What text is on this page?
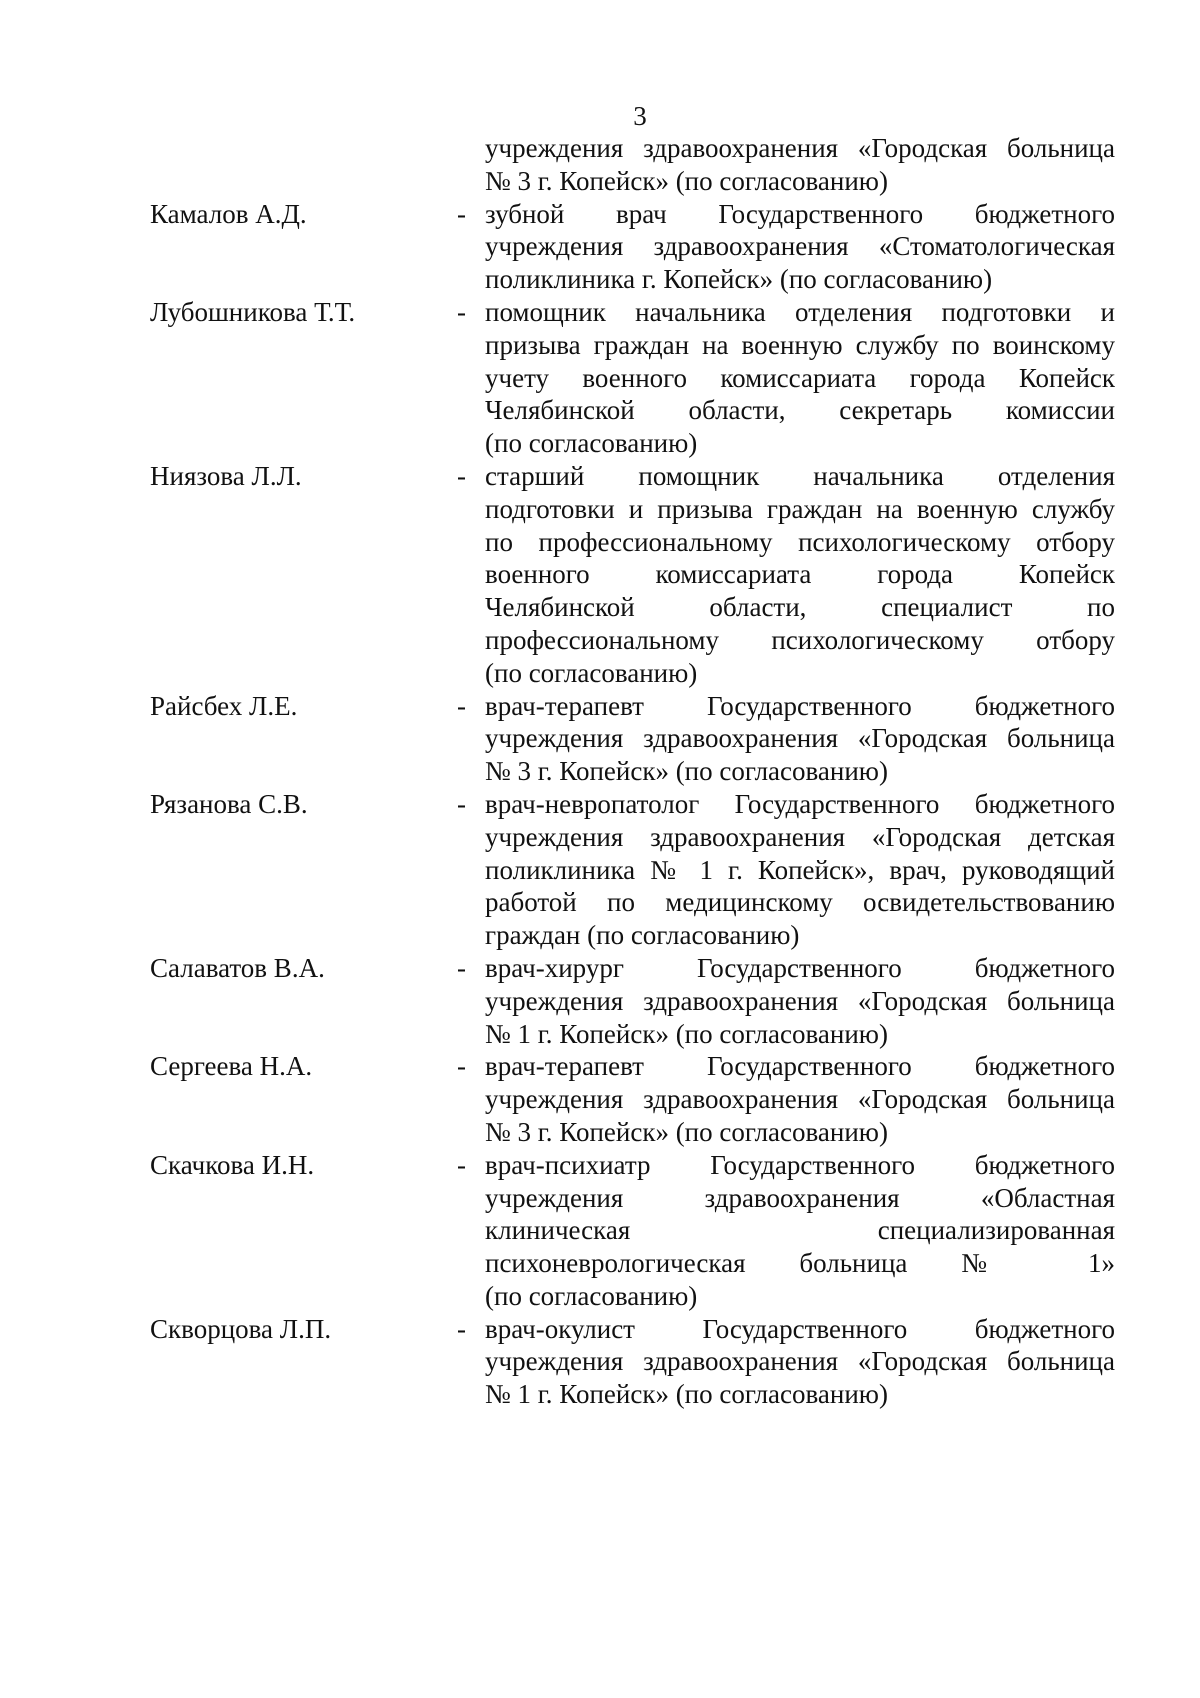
3
учреждения здравоохранения «Городская больница
№ 3 г. Копейск» (по согласованию)
Камалов А.Д.	- зубной врач Государственного бюджетного
учреждения здравоохранения «Стоматологическая
поликлиника г. Копейск» (по согласованию)
Лубошникова Т.Т.	- помощник начальника отделения подготовки и
призыва граждан на военную службу по воинскому
учету военного комиссариата города Копейск
Челябинской области, секретарь комиссии
(по согласованию)
Ниязова Л.Л.	- старший помощник начальника отделения
подготовки и призыва граждан на военную службу
по профессиональному психологическому отбору
военного комиссариата города Копейск
Челябинской области, специалист по
профессиональному психологическому отбору
(по согласованию)
Райсбех Л.Е.	- врач-терапевт Государственного бюджетного
учреждения здравоохранения «Городская больница
№ 3 г. Копейск» (по согласованию)
Рязанова С.В.	- врач-невропатолог Государственного бюджетного
учреждения здравоохранения «Городская детская
поликлиника № 1 г. Копейск», врач, руководящий
работой по медицинскому освидетельствованию
граждан (по согласованию)
Салаватов В.А.	- врач-хирург Государственного бюджетного
учреждения здравоохранения «Городская больница
№ 1 г. Копейск» (по согласованию)
Сергеева Н.А.	- врач-терапевт Государственного бюджетного
учреждения здравоохранения «Городская больница
№ 3 г. Копейск» (по согласованию)
Скачкова И.Н.	- врач-психиатр Государственного бюджетного
учреждения здравоохранения «Областная
клиническая специализированная
психоневрологическая больница № 1»
(по согласованию)
Скворцова Л.П.	- врач-окулист Государственного бюджетного
учреждения здравоохранения «Городская больница
№ 1 г. Копейск» (по согласованию)
